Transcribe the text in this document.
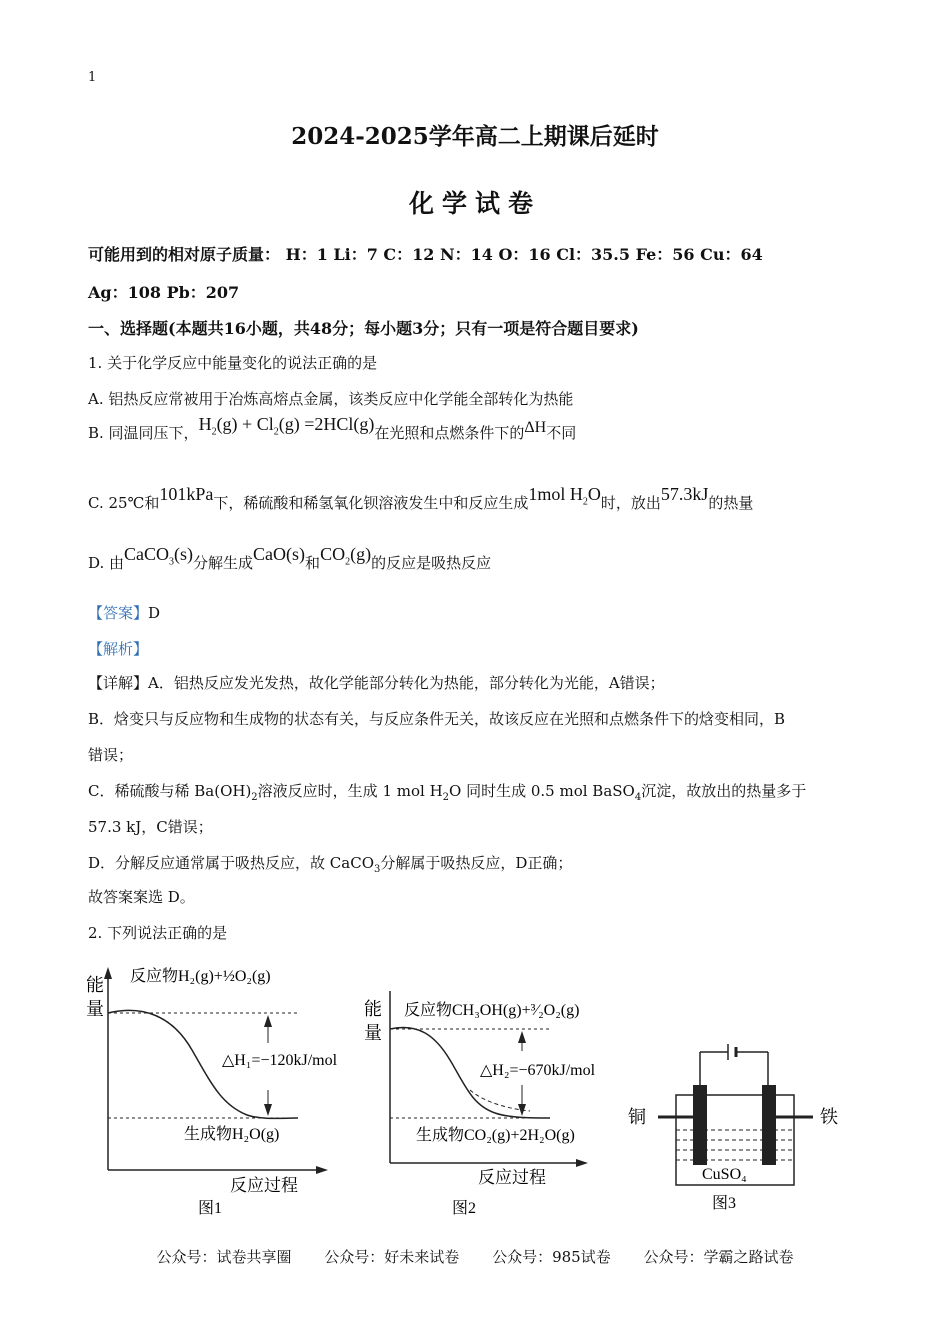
1
2024-2025学年高二上期课后延时
化学试卷
可能用到的相对原子质量： H：1 Li：7 C：12 N：14 O：16 Cl：35.5 Fe：56 Cu：64
Ag：108 Pb：207
一、选择题(本题共16小题，共48分；每小题3分；只有一项是符合题目要求)
1. 关于化学反应中能量变化的说法正确的是
A. 铝热反应常被用于冶炼高熔点金属，该类反应中化学能全部转化为热能
B. 同温同压下，$H_2(g) + Cl_2(g) =2HCl(g)$在光照和点燃条件下的ΔH不同
C. 25℃和101kPa下，稀硫酸和稀氢氧化钡溶液发生中和反应生成1mol $H_2O$时，放出57.3kJ的热量
D. 由CaCO$_3$(s)分解生成CaO(s)和$CO_2(g)$的反应是吸热反应
【答案】D
【解析】
【详解】A．铝热反应发光发热，故化学能部分转化为热能，部分转化为光能，A错误；
B．焓变只与反应物和生成物的状态有关，与反应条件无关，故该反应在光照和点燃条件下的焓变相同，B
错误；
C．稀硫酸与稀 $Ba(OH)_2$溶液反应时，生成 1 mol $H_2O$ 同时生成 0.5 mol BaSO$_4$沉淀，故放出的热量多于
57.3 kJ，C错误；
D．分解反应通常属于吸热反应，故 CaCO$_3$分解属于吸热反应，D正确；
故答案案选 D。
2. 下列说法正确的是
能
量
反应物H₂(g)+½O₂(g)
△H₁=−120kJ/mol
生成物H₂O(g)
反应过程
图1
能
量
反应物CH₃OH(g)+³⁄₂O₂(g)
△H₂=−670kJ/mol
生成物CO₂(g)+2H₂O(g)
反应过程
图2
铜	铁
CuSO₄
图3
公众号：试卷共享圈 公众号：好未来试卷 公众号：985试卷 公众号：学霸之路试卷
